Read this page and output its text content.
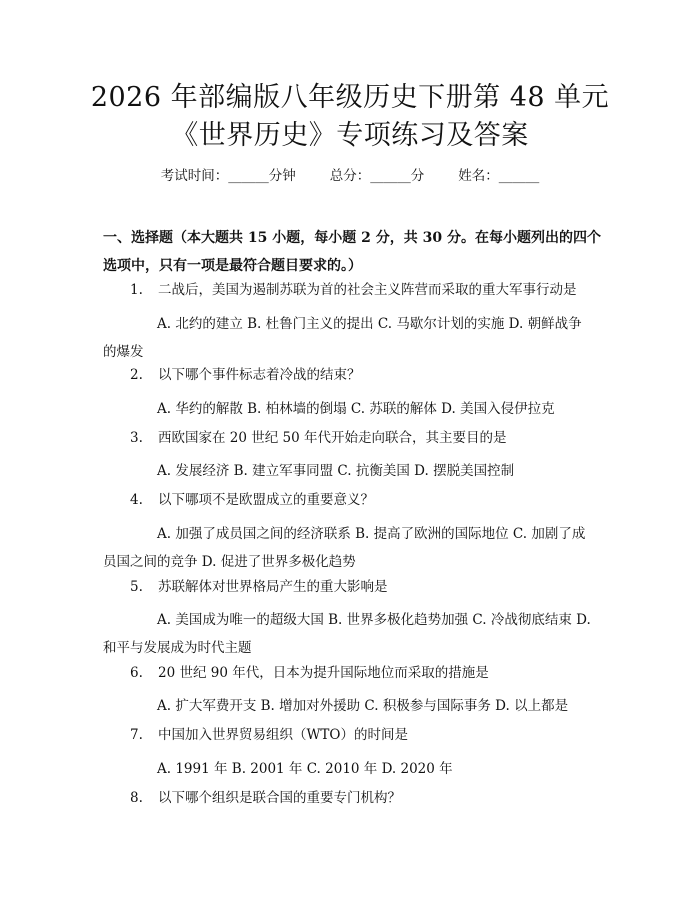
2026 年部编版八年级历史下册第 48 单元
《世界历史》专项练习及答案
考试时间：______分钟	总分：______分	姓名：______

一、选择题（本大题共 15 小题，每小题 2 分，共 30 分。在每小题列出的四个选项中，只有一项是最符合题目要求的。）

1. 二战后，美国为遏制苏联为首的社会主义阵营而采取的重大军事行动是
A. 北约的建立 B. 杜鲁门主义的提出 C. 马歇尔计划的实施 D. 朝鲜战争的爆发
2. 以下哪个事件标志着冷战的结束？
A. 华约的解散 B. 柏林墙的倒塌 C. 苏联的解体 D. 美国入侵伊拉克
3. 西欧国家在 20 世纪 50 年代开始走向联合，其主要目的是
A. 发展经济 B. 建立军事同盟 C. 抗衡美国 D. 摆脱美国控制
4. 以下哪项不是欧盟成立的重要意义？
A. 加强了成员国之间的经济联系 B. 提高了欧洲的国际地位 C. 加剧了成员国之间的竞争 D. 促进了世界多极化趋势
5. 苏联解体对世界格局产生的重大影响是
A. 美国成为唯一的超级大国 B. 世界多极化趋势加强 C. 冷战彻底结束 D. 和平与发展成为时代主题
6. 20 世纪 90 年代，日本为提升国际地位而采取的措施是
A. 扩大军费开支 B. 增加对外援助 C. 积极参与国际事务 D. 以上都是
7. 中国加入世界贸易组织（WTO）的时间是
A. 1991 年 B. 2001 年 C. 2010 年 D. 2020 年
8. 以下哪个组织是联合国的重要专门机构？
